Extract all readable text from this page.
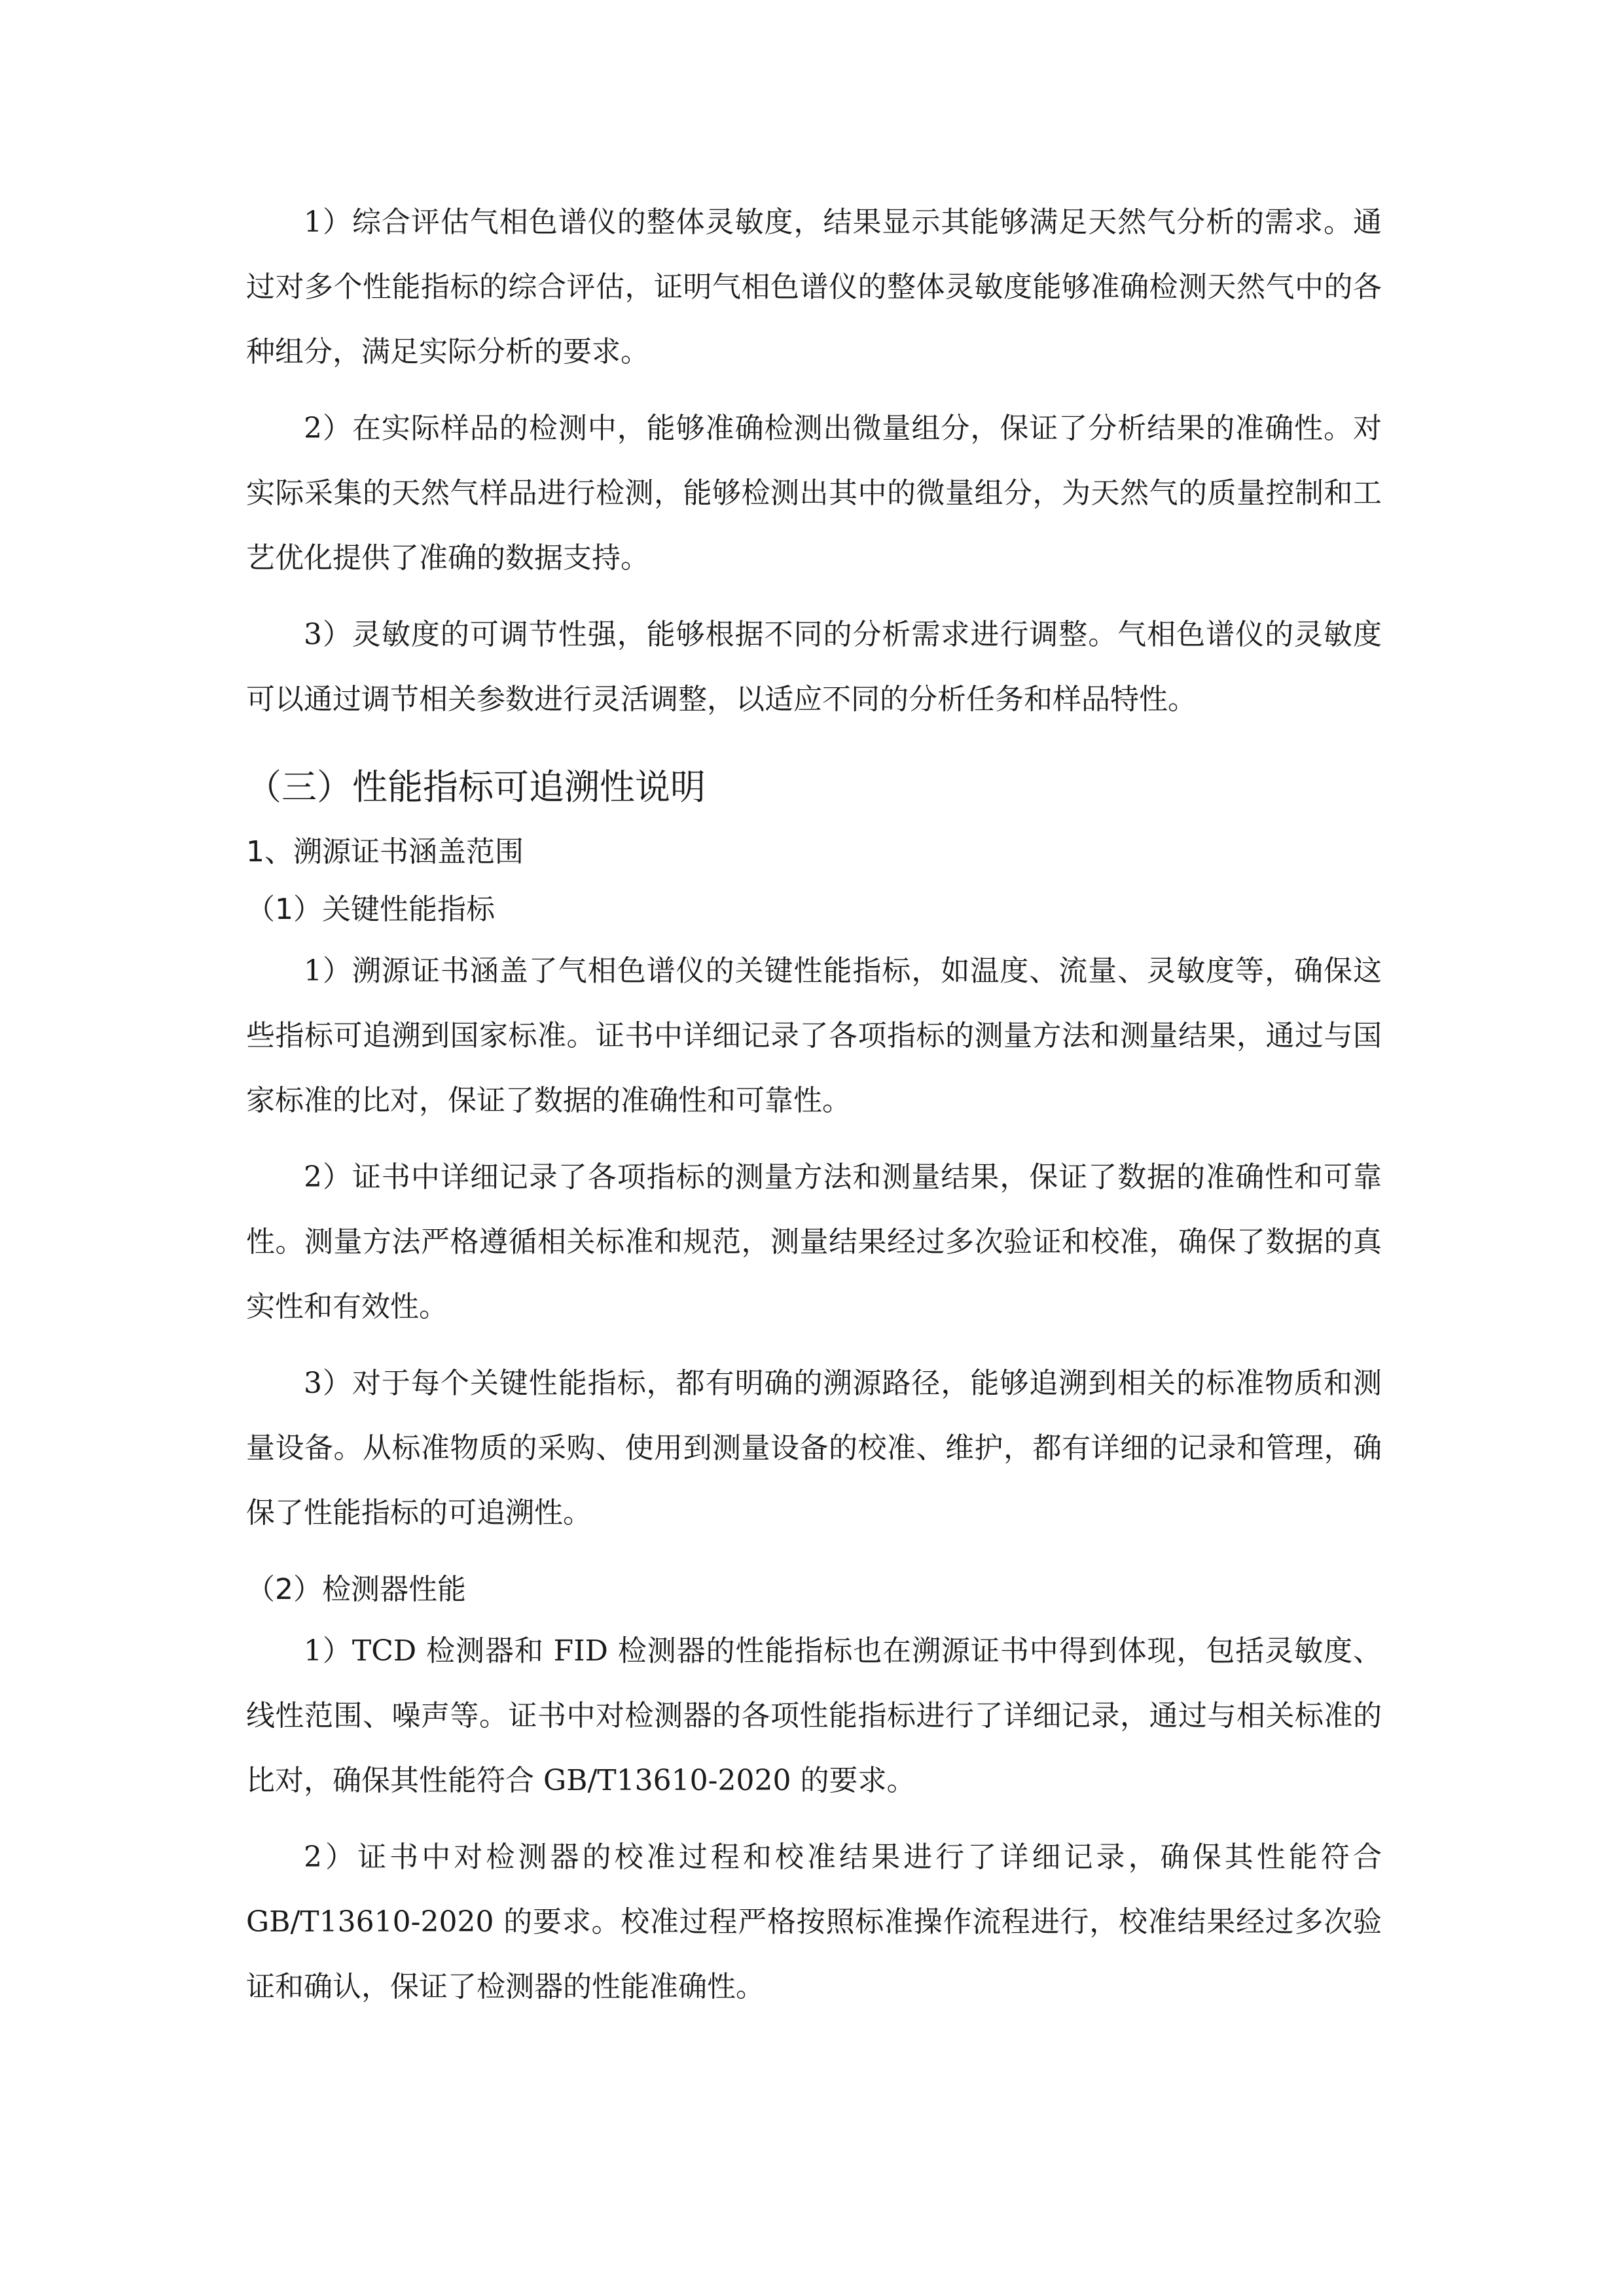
1）综合评估气相色谱仪的整体灵敏度，结果显示其能够满足天然气分析的需求。通过对多个性能指标的综合评估，证明气相色谱仪的整体灵敏度能够准确检测天然气中的各种组分，满足实际分析的要求。

2）在实际样品的检测中，能够准确检测出微量组分，保证了分析结果的准确性。对实际采集的天然气样品进行检测，能够检测出其中的微量组分，为天然气的质量控制和工艺优化提供了准确的数据支持。

3）灵敏度的可调节性强，能够根据不同的分析需求进行调整。气相色谱仪的灵敏度可以通过调节相关参数进行灵活调整，以适应不同的分析任务和样品特性。

（三）性能指标可追溯性说明
1、溯源证书涵盖范围
（1）关键性能指标

1）溯源证书涵盖了气相色谱仪的关键性能指标，如温度、流量、灵敏度等，确保这些指标可追溯到国家标准。证书中详细记录了各项指标的测量方法和测量结果，通过与国家标准的比对，保证了数据的准确性和可靠性。

2）证书中详细记录了各项指标的测量方法和测量结果，保证了数据的准确性和可靠性。测量方法严格遵循相关标准和规范，测量结果经过多次验证和校准，确保了数据的真实性和有效性。

3）对于每个关键性能指标，都有明确的溯源路径，能够追溯到相关的标准物质和测量设备。从标准物质的采购、使用到测量设备的校准、维护，都有详细的记录和管理，确保了性能指标的可追溯性。

（2）检测器性能

1）TCD 检测器和 FID 检测器的性能指标也在溯源证书中得到体现，包括灵敏度、线性范围、噪声等。证书中对检测器的各项性能指标进行了详细记录，通过与相关标准的比对，确保其性能符合 GB/T13610-2020 的要求。

2）证书中对检测器的校准过程和校准结果进行了详细记录，确保其性能符合 GB/T13610-2020 的要求。校准过程严格按照标准操作流程进行，校准结果经过多次验证和确认，保证了检测器的性能准确性。
